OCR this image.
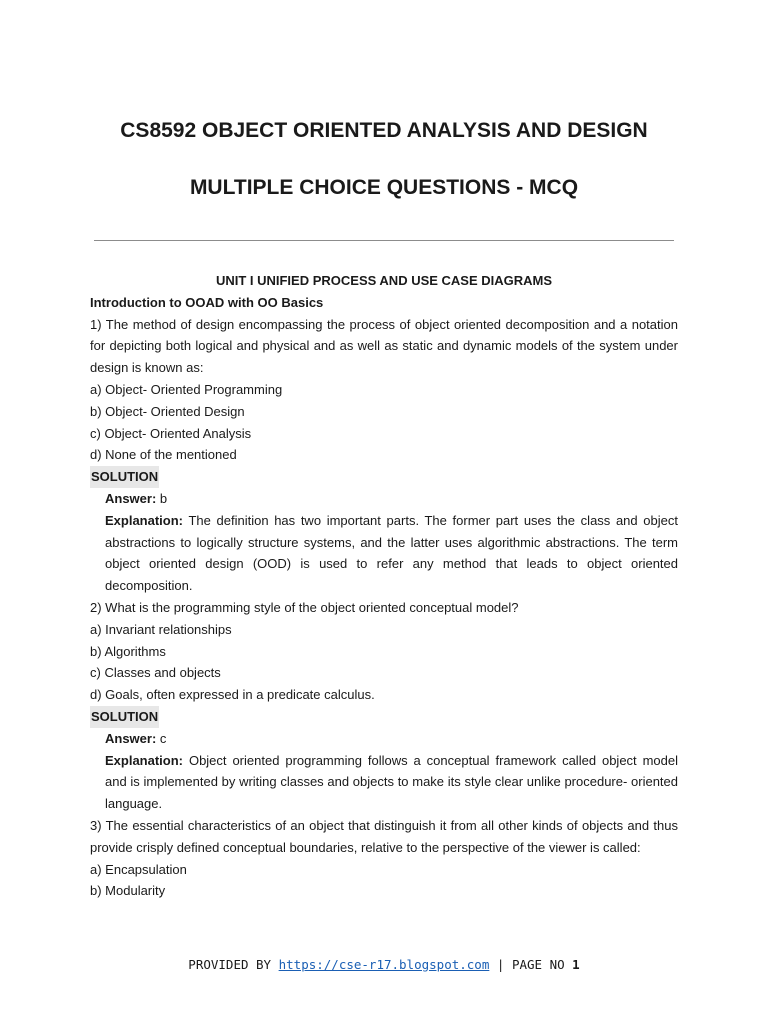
CS8592 OBJECT ORIENTED ANALYSIS AND DESIGN
MULTIPLE CHOICE QUESTIONS - MCQ

UNIT I UNIFIED PROCESS AND USE CASE DIAGRAMS

Introduction to OOAD with OO Basics

1) The method of design encompassing the process of object oriented decomposition and a notation for depicting both logical and physical and as well as static and dynamic models of the system under design is known as:

a) Object- Oriented Programming

b) Object- Oriented Design

c) Object- Oriented Analysis

d) None of the mentioned

SOLUTION

Answer: b

Explanation: The definition has two important parts. The former part uses the class and object abstractions to logically structure systems, and the latter uses algorithmic abstractions. The term object oriented design (OOD) is used to refer any method that leads to object oriented decomposition.

2) What is the programming style of the object oriented conceptual model?

a) Invariant relationships

b) Algorithms

c) Classes and objects

d) Goals, often expressed in a predicate calculus.

SOLUTION

Answer: c

Explanation: Object oriented programming follows a conceptual framework called object model and is implemented by writing classes and objects to make its style clear unlike procedure- oriented language.

3) The essential characteristics of an object that distinguish it from all other kinds of objects and thus provide crisply defined conceptual boundaries, relative to the perspective of the viewer is called:

a) Encapsulation

b) Modularity

PROVIDED BY https://cse-r17.blogspot.com | PAGE NO 1
